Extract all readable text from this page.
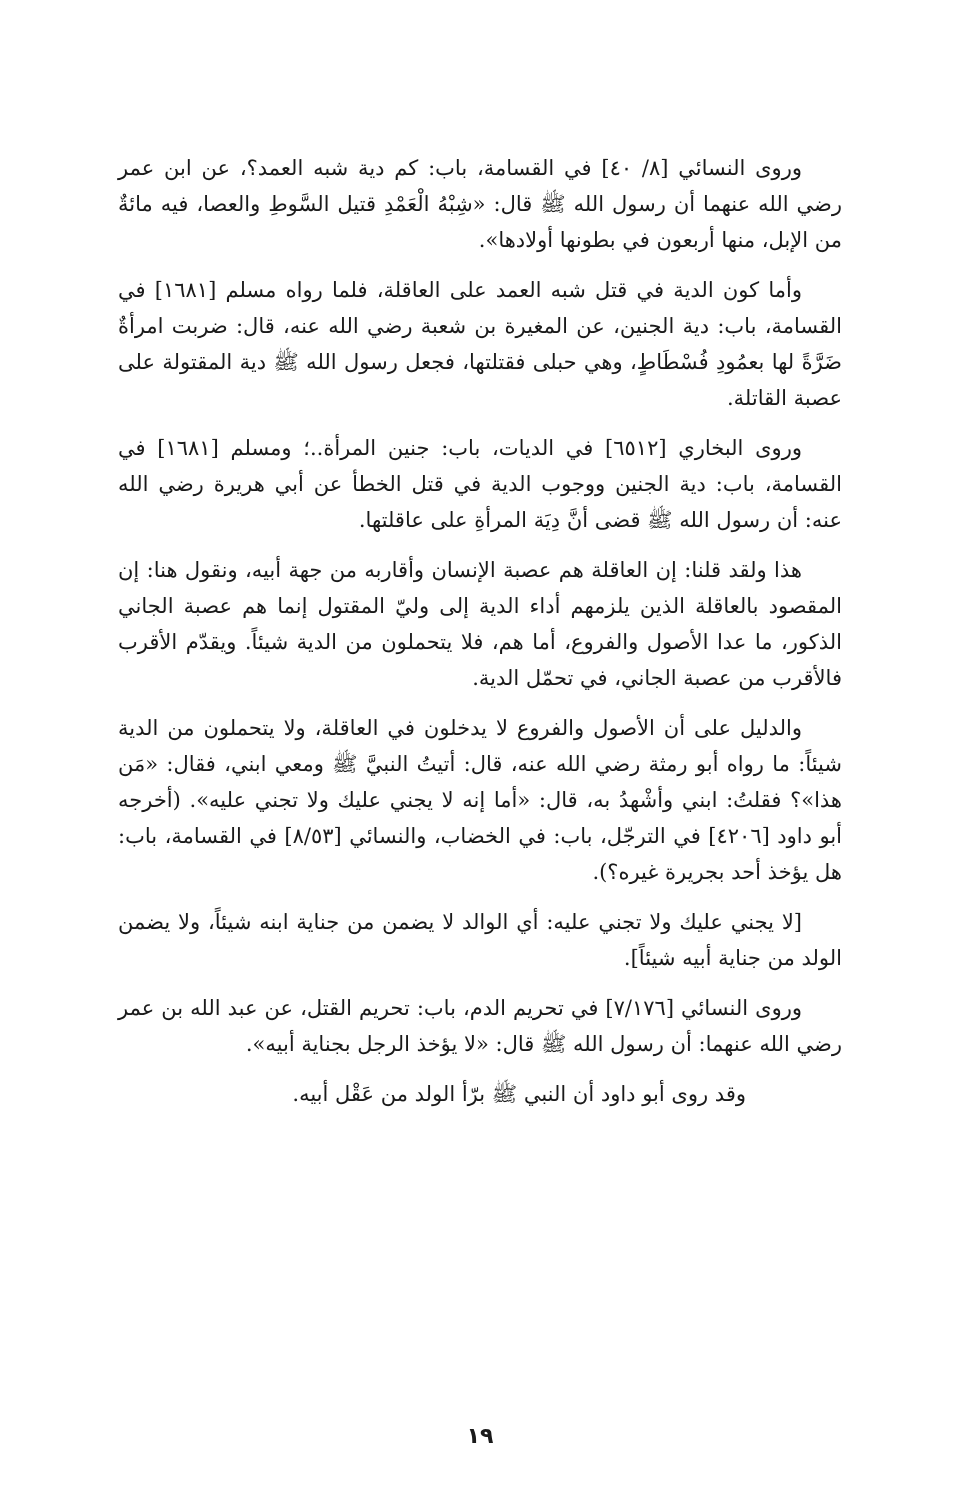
وروى النسائي [٨/ ٤٠] في القسامة، باب: كم دية شبه العمد؟، عن ابن عمر رضي الله عنهما أن رسول الله ﷺ قال: «شِبْهُ الْعَمْدِ قتيل السَّوطِ والعصا، فيه مائةٌ من الإبل، منها أربعون في بطونها أولادها».

وأما كون الدية في قتل شبه العمد على العاقلة، فلما رواه مسلم [١٦٨١] في القسامة، باب: دية الجنين، عن المغيرة بن شعبة رضي الله عنه، قال: ضربت امرأةٌ ضَرَّةً لها بعمُودِ فُسْطَاطٍ، وهي حبلى فقتلتها، فجعل رسول الله ﷺ دية المقتولة على عصبة القاتلة.

وروى البخاري [٦٥١٢] في الديات، باب: جنين المرأة..؛ ومسلم [١٦٨١] في القسامة، باب: دية الجنين ووجوب الدية في قتل الخطأ عن أبي هريرة رضي الله عنه: أن رسول الله ﷺ قضى أنَّ دِيَة المرأةِ على عاقلتها.

هذا ولقد قلنا: إن العاقلة هم عصبة الإنسان وأقاربه من جهة أبيه، ونقول هنا: إن المقصود بالعاقلة الذين يلزمهم أداء الدية إلى وليّ المقتول إنما هم عصبة الجاني الذكور، ما عدا الأصول والفروع، أما هم، فلا يتحملون من الدية شيئاً. ويقدّم الأقرب فالأقرب من عصبة الجاني، في تحمّل الدية.

والدليل على أن الأصول والفروع لا يدخلون في العاقلة، ولا يتحملون من الدية شيئاً: ما رواه أبو رمثة رضي الله عنه، قال: أتيتُ النبيَّ ﷺ ومعي ابني، فقال: «مَن هذا»؟ فقلتُ: ابني وأشْهدُ به، قال: «أما إنه لا يجني عليك ولا تجني عليه». (أخرجه أبو داود [٤٢٠٦] في الترجّل، باب: في الخضاب، والنسائي [٨/٥٣] في القسامة، باب: هل يؤخذ أحد بجريرة غيره؟).

[لا يجني عليك ولا تجني عليه: أي الوالد لا يضمن من جناية ابنه شيئاً، ولا يضمن الولد من جناية أبيه شيئاً].

وروى النسائي [٧/١٧٦] في تحريم الدم، باب: تحريم القتل، عن عبد الله بن عمر رضي الله عنهما: أن رسول الله ﷺ قال: «لا يؤخذ الرجل بجناية أبيه».

وقد روى أبو داود أن النبي ﷺ برّأ الولد من عَقْل أبيه.

١٩
